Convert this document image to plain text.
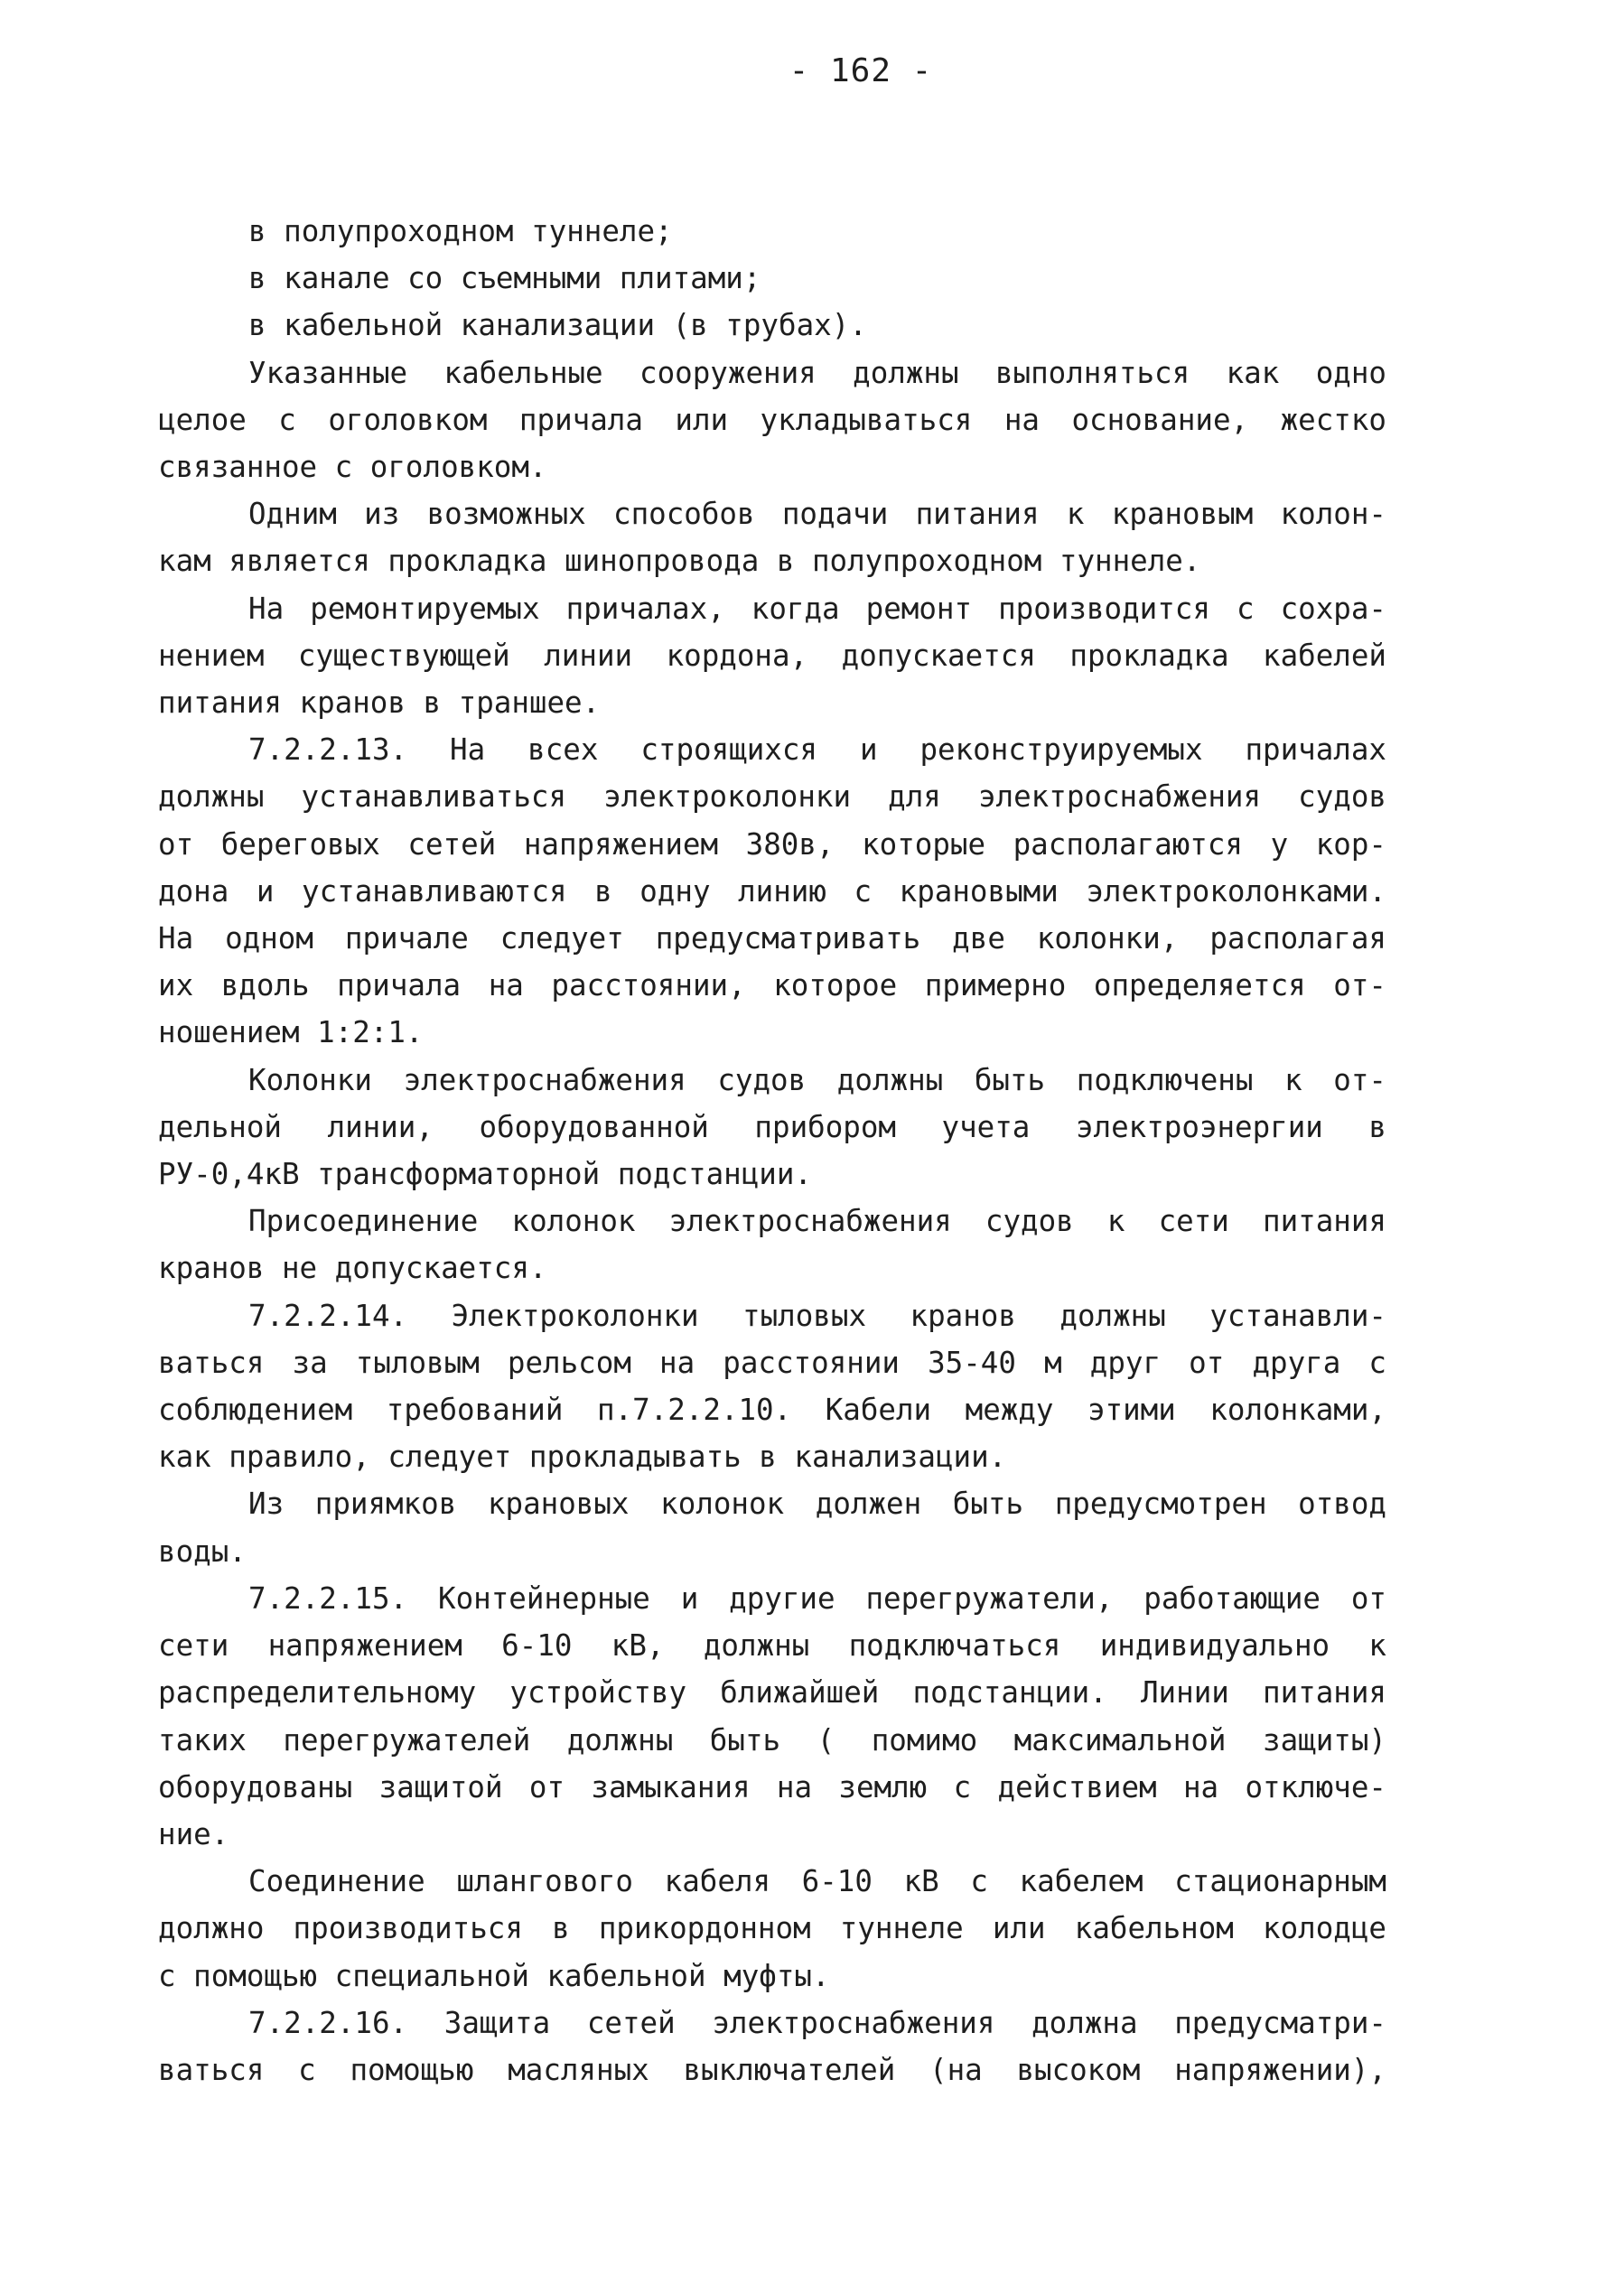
- 162 -
в полупроходном туннеле;
в канале со съемными плитами;
в кабельной канализации (в трубах).
Указанные кабельные сооружения должны выполняться как одно
целое с оголовком причала или укладываться на основание, жестко
связанное с оголовком.
Одним из возможных способов подачи питания к крановым колон-
кам является прокладка шинопровода в полупроходном туннеле.
На ремонтируемых причалах, когда ремонт производится с сохра-
нением существующей линии кордона, допускается прокладка кабелей
питания кранов в траншее.
7.2.2.13. На всех строящихся и реконструируемых причалах
должны устанавливаться электроколонки для электроснабжения судов
от береговых сетей напряжением 380в, которые располагаются у кор-
дона и устанавливаются в одну линию с крановыми электроколонками.
На одном причале следует предусматривать две колонки, располагая
их вдоль причала на расстоянии, которое примерно определяется от-
ношением 1:2:1.
Колонки электроснабжения судов должны быть подключены к от-
дельной линии, оборудованной прибором учета электроэнергии в
РУ-0,4кВ трансформаторной подстанции.
Присоединение колонок электроснабжения судов к сети питания
кранов не допускается.
7.2.2.14. Электроколонки тыловых кранов должны устанавли-
ваться за тыловым рельсом на расстоянии 35-40 м друг от друга с
соблюдением требований п.7.2.2.10. Кабели между этими колонками,
как правило, следует прокладывать в канализации.
Из приямков крановых колонок должен быть предусмотрен отвод
воды.
7.2.2.15. Контейнерные и другие перегружатели, работающие от
сети напряжением 6-10 кВ, должны подключаться индивидуально к
распределительному устройству ближайшей подстанции. Линии питания
таких перегружателей должны быть ( помимо максимальной защиты)
оборудованы защитой от замыкания на землю с действием на отключе-
ние.
Соединение шлангового кабеля 6-10 кВ с кабелем стационарным
должно производиться в прикордонном туннеле или кабельном колодце
с помощью специальной кабельной муфты.
7.2.2.16. Защита сетей электроснабжения должна предусматри-
ваться с помощью масляных выключателей (на высоком напряжении),
